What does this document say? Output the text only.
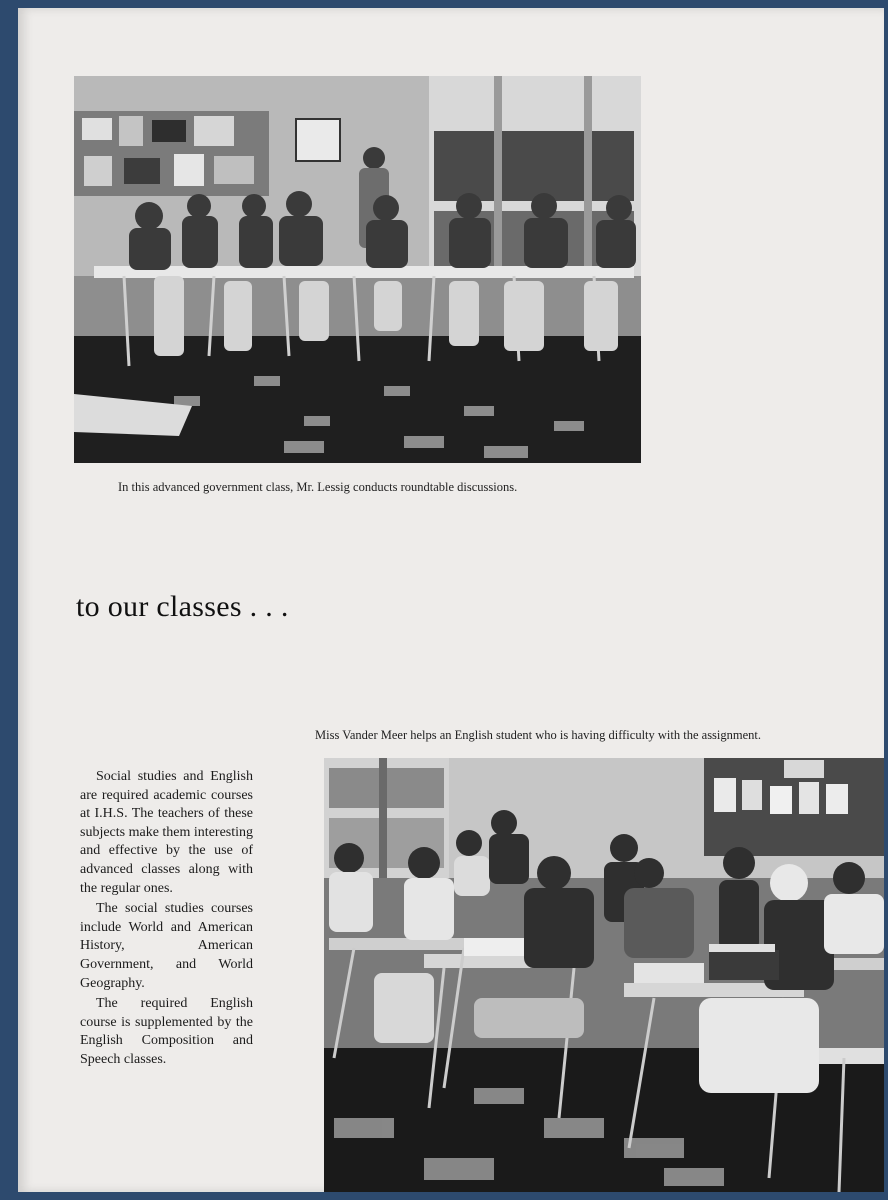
In this advanced government class, Mr. Lessig conducts roundtable discussions.
to our classes . . .
Miss Vander Meer helps an English student who is having difficulty with the assignment.

Social studies and English are required academic courses at I.H.S. The teachers of these subjects make them interesting and effective by the use of advanced classes along with the regular ones.

The social studies courses include World and American History, American Government, and World Geography.

The required English course is supplemented by the English Composition and Speech classes.
